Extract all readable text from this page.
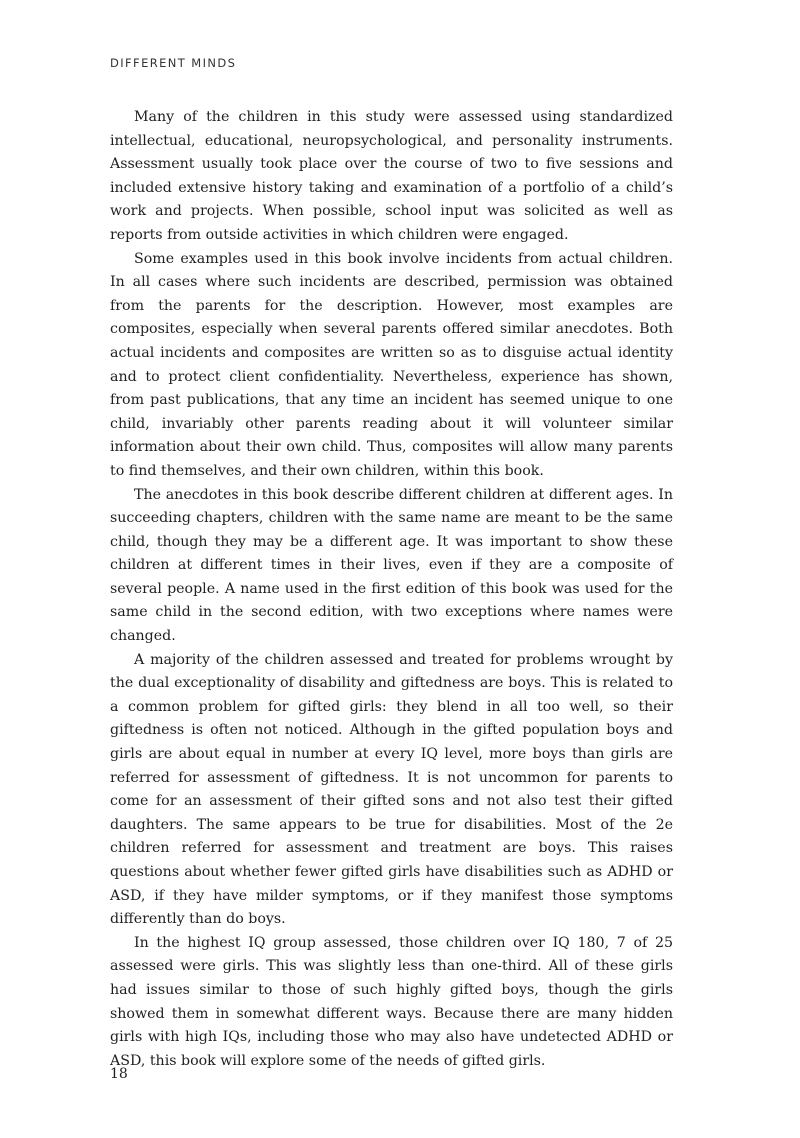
DIFFERENT MINDS

Many of the children in this study were assessed using standardized intellectual, educational, neuropsychological, and personality instruments. Assessment usually took place over the course of two to five sessions and included extensive history taking and examination of a portfolio of a child’s work and projects. When possible, school input was solicited as well as reports from outside activities in which children were engaged.

Some examples used in this book involve incidents from actual children. In all cases where such incidents are described, permission was obtained from the parents for the description. However, most examples are composites, especially when several parents offered similar anecdotes. Both actual incidents and composites are written so as to disguise actual identity and to protect client confidentiality. Nevertheless, experience has shown, from past publications, that any time an incident has seemed unique to one child, invariably other parents reading about it will volunteer similar information about their own child. Thus, composites will allow many parents to find themselves, and their own children, within this book.

The anecdotes in this book describe different children at different ages. In succeeding chapters, children with the same name are meant to be the same child, though they may be a different age. It was important to show these children at different times in their lives, even if they are a composite of several people. A name used in the first edition of this book was used for the same child in the second edition, with two exceptions where names were changed.

A majority of the children assessed and treated for problems wrought by the dual exceptionality of disability and giftedness are boys. This is related to a common problem for gifted girls: they blend in all too well, so their giftedness is often not noticed. Although in the gifted population boys and girls are about equal in number at every IQ level, more boys than girls are referred for assessment of giftedness. It is not uncommon for parents to come for an assessment of their gifted sons and not also test their gifted daughters. The same appears to be true for disabilities. Most of the 2e children referred for assessment and treatment are boys. This raises questions about whether fewer gifted girls have disabilities such as ADHD or ASD, if they have milder symptoms, or if they manifest those symptoms differently than do boys.

In the highest IQ group assessed, those children over IQ 180, 7 of 25 assessed were girls. This was slightly less than one-third. All of these girls had issues similar to those of such highly gifted boys, though the girls showed them in somewhat different ways. Because there are many hidden girls with high IQs, including those who may also have undetected ADHD or ASD, this book will explore some of the needs of gifted girls.

18
